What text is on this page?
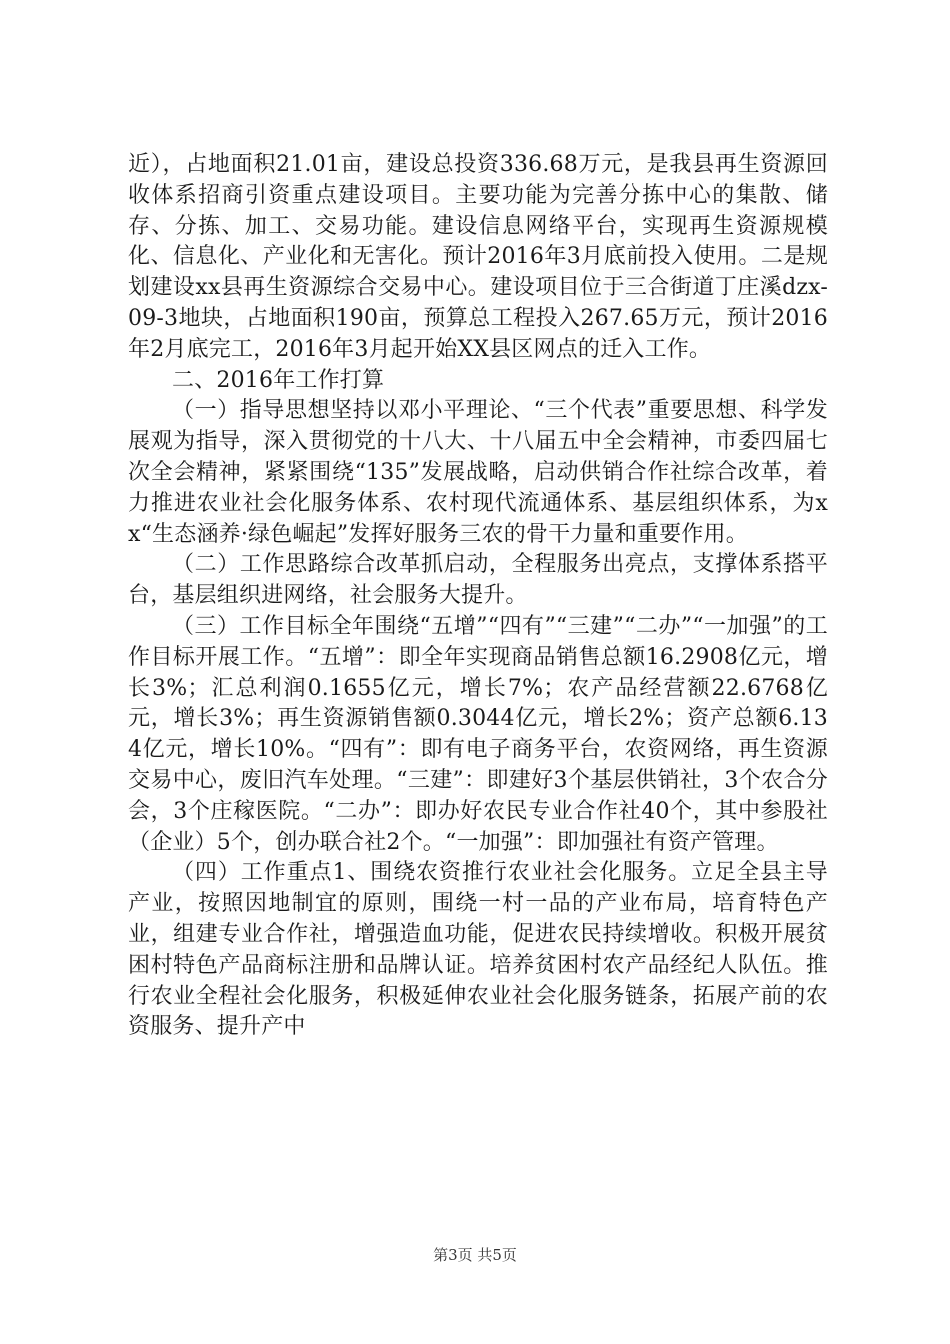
近），占地面积21.01亩，建设总投资336.68万元，是我县再生资源回收体系招商引资重点建设项目。主要功能为完善分拣中心的集散、储存、分拣、加工、交易功能。建设信息网络平台，实现再生资源规模化、信息化、产业化和无害化。预计2016年3月底前投入使用。二是规划建设xx县再生资源综合交易中心。建设项目位于三合街道丁庄溪dzx-09-3地块，占地面积190亩，预算总工程投入267.65万元，预计2016年2月底完工，2016年3月起开始XX县区网点的迁入工作。

二、2016年工作打算

（一）指导思想坚持以邓小平理论、“三个代表”重要思想、科学发展观为指导，深入贯彻党的十八大、十八届五中全会精神，市委四届七次全会精神，紧紧围绕“135”发展战略，启动供销合作社综合改革，着力推进农业社会化服务体系、农村现代流通体系、基层组织体系，为xx“生态涵养·绿色崛起”发挥好服务三农的骨干力量和重要作用。

（二）工作思路综合改革抓启动，全程服务出亮点，支撑体系搭平台，基层组织进网络，社会服务大提升。

（三）工作目标全年围绕“五增”“四有”“三建”“二办”“一加强”的工作目标开展工作。“五增”：即全年实现商品销售总额16.2908亿元，增长3%；汇总利润0.1655亿元，增长7%；农产品经营额22.6768亿元，增长3%；再生资源销售额0.3044亿元，增长2%；资产总额6.134亿元，增长10%。“四有”：即有电子商务平台，农资网络，再生资源交易中心，废旧汽车处理。“三建”：即建好3个基层供销社，3个农合分会，3个庄稼医院。“二办”：即办好农民专业合作社40个，其中参股社（企业）5个，创办联合社2个。“一加强”：即加强社有资产管理。

（四）工作重点1、围绕农资推行农业社会化服务。立足全县主导产业，按照因地制宜的原则，围绕一村一品的产业布局，培育特色产业，组建专业合作社，增强造血功能，促进农民持续增收。积极开展贫困村特色产品商标注册和品牌认证。培养贫困村农产品经纪人队伍。推行农业全程社会化服务，积极延伸农业社会化服务链条，拓展产前的农资服务、提升产中

第3页 共5页
